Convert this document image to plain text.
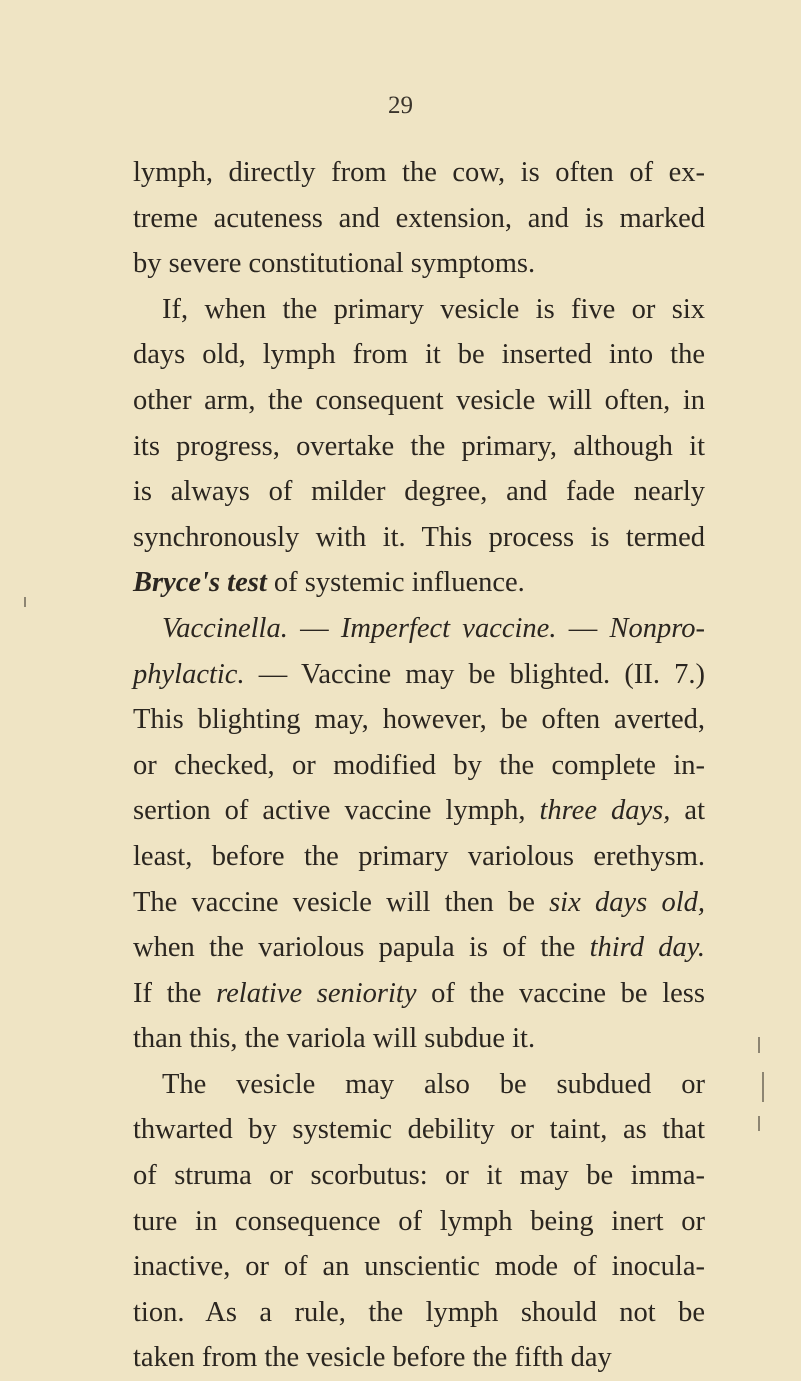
29
lymph, directly from the cow, is often of ex-
treme acuteness and extension, and is marked
by severe constitutional symptoms.
If, when the primary vesicle is five or six
days old, lymph from it be inserted into the
other arm, the consequent vesicle will often, in
its progress, overtake the primary, although it
is always of milder degree, and fade nearly
synchronously with it. This process is termed
Bryce's test of systemic influence.
Vaccinella. — Imperfect vaccine. — Nonpro-
phylactic. — Vaccine may be blighted. (II. 7.)
This blighting may, however, be often averted,
or checked, or modified by the complete in-
sertion of active vaccine lymph, three days, at
least, before the primary variolous erethysm.
The vaccine vesicle will then be six days old,
when the variolous papula is of the third day.
If the relative seniority of the vaccine be less
than this, the variola will subdue it.
The vesicle may also be subdued or
thwarted by systemic debility or taint, as that
of struma or scorbutus: or it may be imma-
ture in consequence of lymph being inert or
inactive, or of an unscientic mode of inocula-
tion. As a rule, the lymph should not be
taken from the vesicle before the fifth day
